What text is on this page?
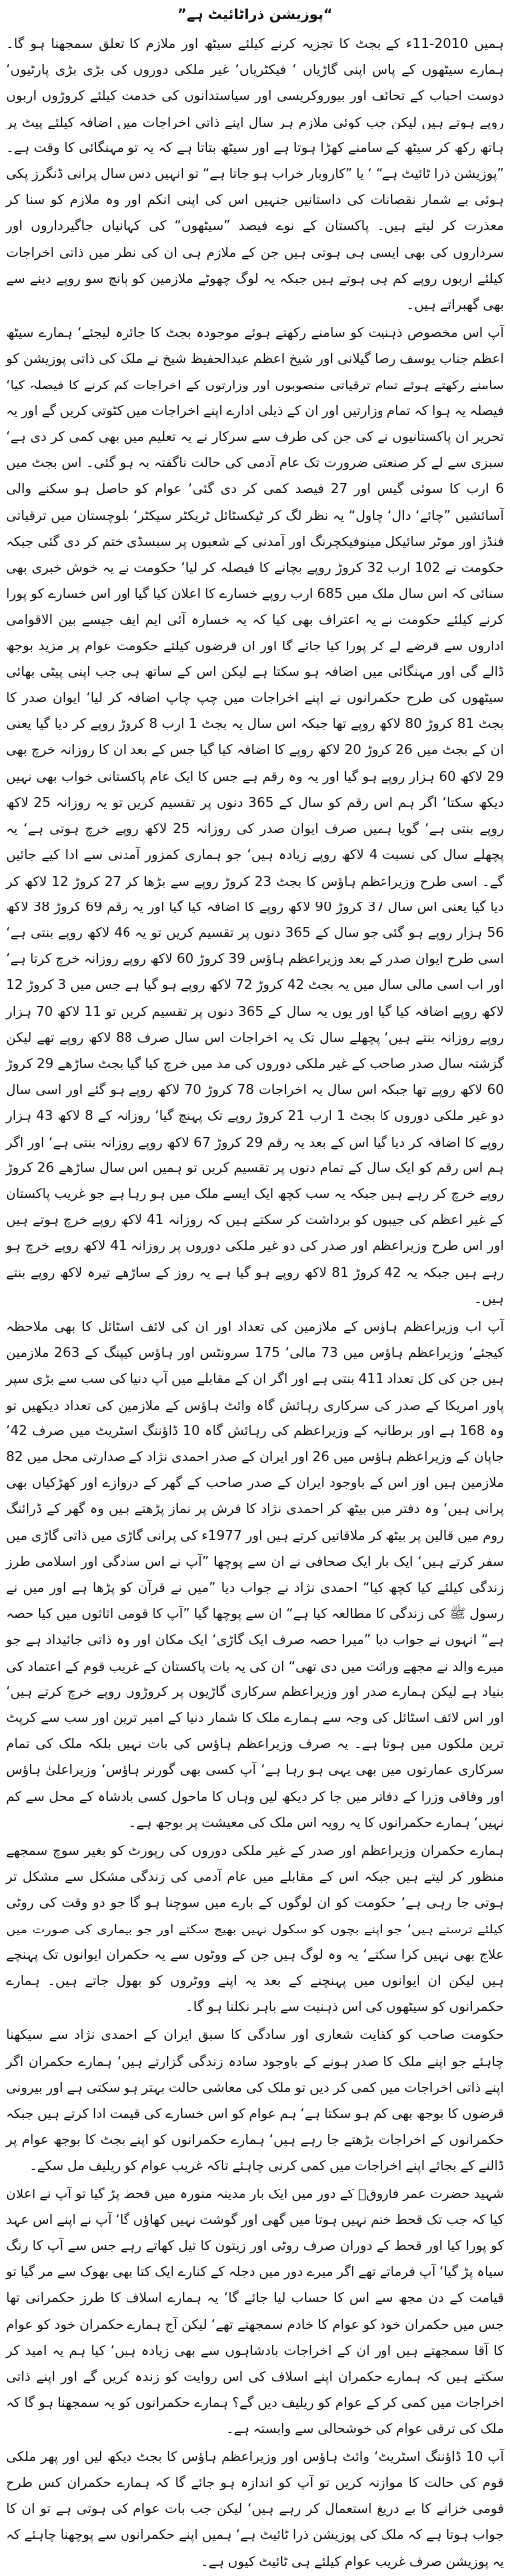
“پوزیشن ذراٹائیٹ ہے”

ہمیں 2010-11ء کے بجٹ کا تجزیہ کرنے کیلئے سیٹھ اور ملازم کا تعلق سمجھنا ہو گا۔ہمارے سیٹھوں کے پاس اپنی گاڑیاں ‘ فیکٹریاں‘ غیر ملکی دوروں کی بڑی بڑی پارٹیوں‘ دوست احباب کے تحائف اور بیوروکریسی اور سیاستدانوں کی خدمت کیلئے کروڑوں اربوں روپے ہوتے ہیں لیکن جب کوئی ملازم ہر سال اپنے ذاتی اخراجات میں اضافہ کیلئے پیٹ پر ہاتھ رکھ کر سیٹھ کے سامنے کھڑا ہوتا ہے اور سیٹھ بتاتا ہے کہ یہ تو مہنگائی کا وقت ہے۔ ”پوزیشن ذرا ٹائیٹ ہے“ ‘ یا ”کاروبار خراب ہو جاتا ہے“ تو انہیں دس سال پرانی ڈنگرز پکی ہوئی بے شمار نقصانات کی داستانیں جنہیں اس کی اپنی انکم اور وہ ملازم کو سنا کر معذرت کر لیتے ہیں۔ پاکستان کے نوے فیصد ”سیٹھوں“ کی کہانیاں جاگیرداروں اور سرداروں کی بھی ایسی ہی ہوتی ہیں جن کے ملازم ہی ان کی نظر میں ذاتی اخراجات کیلئے اربوں روپے کم ہی ہوتے ہیں جبکہ یہ لوگ چھوٹے ملازمین کو پانچ سو روپے دینے سے بھی گھبراتے ہیں۔

آپ اس مخصوص ذہنیت کو سامنے رکھتے ہوئے موجودہ بجٹ کا جائزہ لیجئے‘ ہمارے سیٹھ اعظم جناب یوسف رضا گیلانی اور شیخ اعظم عبدالحفیظ شیخ نے ملک کی ذاتی پوزیشن کو سامنے رکھتے ہوئے تمام ترقیاتی منصوبوں اور وزارتوں کے اخراجات کم کرنے کا فیصلہ کیا‘ فیصلہ یہ ہوا کہ تمام وزارتیں اور ان کے ذیلی ادارے اپنے اخراجات میں کٹوتی کریں گے اور یہ تحریر ان پاکستانیوں نے کی جن کی طرف سے سرکار نے یہ تعلیم میں بھی کمی کر دی ہے‘ سبزی سے لے کر صنعتی ضرورت تک عام آدمی کی حالت ناگفتہ بہ ہو گئی۔ اس بجٹ میں 6 ارب کا سوئی گیس اور 27 فیصد کمی کر دی گئی‘ عوام کو حاصل ہو سکنے والی آسائشیں ”چائے‘ دال‘ چاول“ یہ نظر لگ کر ٹیکسٹائل ٹریکٹر سیکٹر‘ بلوچستان میں ترقیاتی فنڈز اور موٹر سائیکل مینوفیکچرنگ اور آمدنی کے شعبوں پر سبسڈی ختم کر دی گئی جبکہ حکومت نے 102 ارب 32 کروڑ روپے بچانے کا فیصلہ کر لیا‘ حکومت نے یہ خوش خبری بھی سنائی کہ اس سال ملک میں 685 ارب روپے خسارے کا اعلان کیا گیا اور اس خسارے کو پورا کرنے کیلئے حکومت نے یہ اعتراف بھی کیا کہ یہ خسارہ آئی ایم ایف جیسے بین الاقوامی اداروں سے قرضے لے کر پورا کیا جائے گا اور ان قرضوں کیلئے حکومت عوام پر مزید بوجھ ڈالے گی اور مہنگائی میں اضافہ ہو سکتا ہے لیکن اس کے ساتھ ہی جب اپنی پیٹی بھائی سیٹھوں کی طرح حکمرانوں نے اپنے اخراجات میں چپ چاپ اضافہ کر لیا‘ ایوان صدر کا بجٹ 81 کروڑ 80 لاکھ روپے تھا جبکہ اس سال یہ بجٹ 1 ارب 8 کروڑ روپے کر دیا گیا یعنی ان کے بجٹ میں 26 کروڑ 20 لاکھ روپے کا اضافہ کیا گیا جس کے بعد ان کا روزانہ خرچ بھی 29 لاکھ 60 ہزار روپے ہو گیا اور یہ وہ رقم ہے جس کا ایک عام پاکستانی خواب بھی نہیں دیکھ سکتا‘ اگر ہم اس رقم کو سال کے 365 دنوں پر تقسیم کریں تو یہ روزانہ 25 لاکھ روپے بنتی ہے‘ گویا ہمیں صرف ایوان صدر کی روزانہ 25 لاکھ روپے خرچ ہوتی ہے‘ یہ پچھلے سال کی نسبت 4 لاکھ روپے زیادہ ہیں‘ جو ہماری کمزور آمدنی سے ادا کیے جائیں گے۔ اسی طرح وزیراعظم ہاؤس کا بجٹ 23 کروڑ روپے سے بڑھا کر 27 کروڑ 12 لاکھ کر دیا گیا یعنی اس سال 37 کروڑ 90 لاکھ روپے کا اضافہ کیا گیا اور یہ رقم 69 کروڑ 38 لاکھ 56 ہزار روپے ہو گئی جو سال کے 365 دنوں پر تقسیم کریں تو یہ 46 لاکھ روپے بنتی ہے‘ اسی طرح ایوان صدر کے بعد وزیراعظم ہاؤس 39 کروڑ 60 لاکھ روپے روزانہ خرچ کرتا ہے‘ اور اب اسی مالی سال میں یہ بجٹ 42 کروڑ 72 لاکھ روپے ہو گیا ہے جس میں 3 کروڑ 12 لاکھ روپے اضافہ کیا گیا اور یوں یہ سال کے 365 دنوں پر تقسیم کریں تو 11 لاکھ 70 ہزار روپے روزانہ بنتے ہیں‘ پچھلے سال تک یہ اخراجات اس سال صرف 88 لاکھ روپے تھے لیکن گزشتہ سال صدر صاحب کے غیر ملکی دوروں کی مد میں خرچ کیا گیا بجٹ ساڑھے 29 کروڑ 60 لاکھ روپے تھا جبکہ اس سال یہ اخراجات 78 کروڑ 70 لاکھ روپے ہو گئے اور اسی سال دو غیر ملکی دوروں کا بجٹ 1 ارب 21 کروڑ روپے تک پہنچ گیا‘ روزانہ کے 8 لاکھ 43 ہزار روپے کا اضافہ کر دیا گیا اس کے بعد یہ رقم 29 کروڑ 67 لاکھ روپے روزانہ بنتی ہے‘ اور اگر ہم اس رقم کو ایک سال کے تمام دنوں پر تقسیم کریں تو ہمیں اس سال ساڑھے 26 کروڑ روپے خرچ کر رہے ہیں جبکہ یہ سب کچھ ایک ایسے ملک میں ہو رہا ہے جو غریب پاکستان کے غیر اعظم کی جیبوں کو برداشت کر سکتے ہیں کہ روزانہ 41 لاکھ روپے خرچ ہوتے ہیں اور اس طرح وزیراعظم اور صدر کی دو غیر ملکی دوروں پر روزانہ 41 لاکھ روپے خرچ ہو رہے ہیں جبکہ یہ 42 کروڑ 81 لاکھ روپے ہو گیا ہے یہ روز کے ساڑھے تیرہ لاکھ روپے بنتے ہیں۔

آپ اب وزیراعظم ہاؤس کے ملازمین کی تعداد اور ان کی لائف اسٹائل کا بھی ملاحظہ کیجئے‘ وزیراعظم ہاؤس میں 73 مالی‘ 175 سرونٹس اور ہاؤس کیپنگ کے 263 ملازمین ہیں جن کی کل تعداد 411 بنتی ہے اور اگر ان کے مقابلے میں آپ دنیا کی سب سے بڑی سپر پاور امریکا کے صدر کی سرکاری رہائش گاہ وائٹ ہاؤس کے ملازمین کی تعداد دیکھیں تو وہ 168 ہے اور برطانیہ کے وزیراعظم کی رہائش گاہ 10 ڈاؤننگ اسٹریٹ میں صرف 42‘ جاپان کے وزیراعظم ہاؤس میں 26 اور ایران کے صدر احمدی نژاد کے صدارتی محل میں 82 ملازمین ہیں اور اس کے باوجود ایران کے صدر صاحب کے گھر کے دروازے اور کھڑکیاں بھی پرانی ہیں‘ وہ دفتر میں بیٹھ کر احمدی نژاد کا فرش پر نماز پڑھتے ہیں وہ گھر کے ڈرائنگ روم میں قالین پر بیٹھ کر ملاقاتیں کرتے ہیں اور 1977ء کی پرانی گاڑی میں ذاتی گاڑی میں سفر کرتے ہیں‘ ایک بار ایک صحافی نے ان سے پوچھا ”آپ نے اس سادگی اور اسلامی طرز زندگی کیلئے کیا کچھ کیا“ احمدی نژاد نے جواب دیا ”میں نے قرآن کو پڑھا ہے اور میں نے رسول ﷺ کی زندگی کا مطالعہ کیا ہے“ ان سے پوچھا گیا ”آپ کا قومی اثاثوں میں کیا حصہ ہے“ انہوں نے جواب دیا ”میرا حصہ صرف ایک گاڑی‘ ایک مکان اور وہ ذاتی جائیداد ہے جو میرے والد نے مجھے وراثت میں دی تھی“ ان کی یہ بات پاکستان کے غریب قوم کے اعتماد کی بنیاد ہے لیکن ہمارے صدر اور وزیراعظم سرکاری گاڑیوں پر کروڑوں روپے خرچ کرتے ہیں‘ اور اس لائف اسٹائل کی وجہ سے ہمارے ملک کا شمار دنیا کے امیر ترین اور سب سے کرپٹ ترین ملکوں میں ہوتا ہے۔ یہ صرف وزیراعظم ہاؤس کی بات نہیں بلکہ ملک کی تمام سرکاری عمارتوں میں بھی یہی ہو رہا ہے‘ آپ کسی بھی گورنر ہاؤس‘ وزیراعلیٰ ہاؤس اور وفاقی وزرا کے دفاتر میں جا کر دیکھ لیں وہاں کا ماحول کسی بادشاہ کے محل سے کم نہیں‘ ہمارے حکمرانوں کا یہ رویہ اس ملک کی معیشت پر بوجھ ہے۔

ہمارے حکمران وزیراعظم اور صدر کے غیر ملکی دوروں کی رپورٹ کو بغیر سوچ سمجھے منظور کر لیتے ہیں جبکہ اس کے مقابلے میں عام آدمی کی زندگی مشکل سے مشکل تر ہوتی جا رہی ہے‘ حکومت کو ان لوگوں کے بارے میں سوچنا ہو گا جو دو وقت کی روٹی کیلئے ترستے ہیں‘ جو اپنے بچوں کو سکول نہیں بھیج سکتے اور جو بیماری کی صورت میں علاج بھی نہیں کرا سکتے‘ یہ وہ لوگ ہیں جن کے ووٹوں سے یہ حکمران ایوانوں تک پہنچے ہیں لیکن ان ایوانوں میں پہنچنے کے بعد یہ اپنے ووٹروں کو بھول جاتے ہیں۔ ہمارے حکمرانوں کو سیٹھوں کی اس ذہنیت سے باہر نکلنا ہو گا۔

حکومت صاحب کو کفایت شعاری اور سادگی کا سبق ایران کے احمدی نژاد سے سیکھنا چاہئے جو اپنے ملک کا صدر ہونے کے باوجود سادہ زندگی گزارتے ہیں‘ ہمارے حکمران اگر اپنے ذاتی اخراجات میں کمی کر دیں تو ملک کی معاشی حالت بہتر ہو سکتی ہے اور بیرونی قرضوں کا بوجھ بھی کم ہو سکتا ہے‘ ہم عوام کو اس خسارے کی قیمت ادا کرتے ہیں جبکہ حکمرانوں کے اخراجات بڑھتے جا رہے ہیں‘ ہمارے حکمرانوں کو اپنے بجٹ کا بوجھ عوام پر ڈالنے کے بجائے اپنے اخراجات میں کمی کرنی چاہئے تاکہ غریب عوام کو ریلیف مل سکے۔

شہید حضرت عمر فاروقؓ کے دور میں ایک بار مدینہ منورہ میں قحط پڑ گیا تو آپ نے اعلان کیا کہ جب تک قحط ختم نہیں ہوتا میں گھی اور گوشت نہیں کھاؤں گا‘ آپ نے اپنے اس عہد کو پورا کیا اور قحط کے دوران صرف روٹی اور زیتون کا تیل کھاتے رہے جس سے آپ کا رنگ سیاہ پڑ گیا‘ آپ فرماتے تھے اگر میرے دور میں دجلہ کے کنارے ایک کتا بھی بھوک سے مر گیا تو قیامت کے دن مجھ سے اس کا حساب لیا جائے گا‘ یہ ہمارے اسلاف کا طرز حکمرانی تھا جس میں حکمران خود کو عوام کا خادم سمجھتے تھے‘ لیکن آج ہمارے حکمران خود کو عوام کا آقا سمجھتے ہیں اور ان کے اخراجات بادشاہوں سے بھی زیادہ ہیں‘ کیا ہم یہ امید کر سکتے ہیں کہ ہمارے حکمران اپنے اسلاف کی اس روایت کو زندہ کریں گے اور اپنے ذاتی اخراجات میں کمی کر کے عوام کو ریلیف دیں گے؟ ہمارے حکمرانوں کو یہ سمجھنا ہو گا کہ ملک کی ترقی عوام کی خوشحالی سے وابستہ ہے۔

آپ 10 ڈاؤننگ اسٹریٹ‘ وائٹ ہاؤس اور وزیراعظم ہاؤس کا بجٹ دیکھ لیں اور پھر ملکی قوم کی حالت کا موازنہ کریں تو آپ کو اندازہ ہو جائے گا کہ ہمارے حکمران کس طرح قومی خزانے کا بے دریغ استعمال کر رہے ہیں‘ لیکن جب بات عوام کی ہوتی ہے تو ان کا جواب ہوتا ہے کہ ملک کی پوزیشن ذرا ٹائیٹ ہے‘ ہمیں اپنے حکمرانوں سے پوچھنا چاہئے کہ یہ پوزیشن صرف غریب عوام کیلئے ہی ٹائیٹ کیوں ہے۔
